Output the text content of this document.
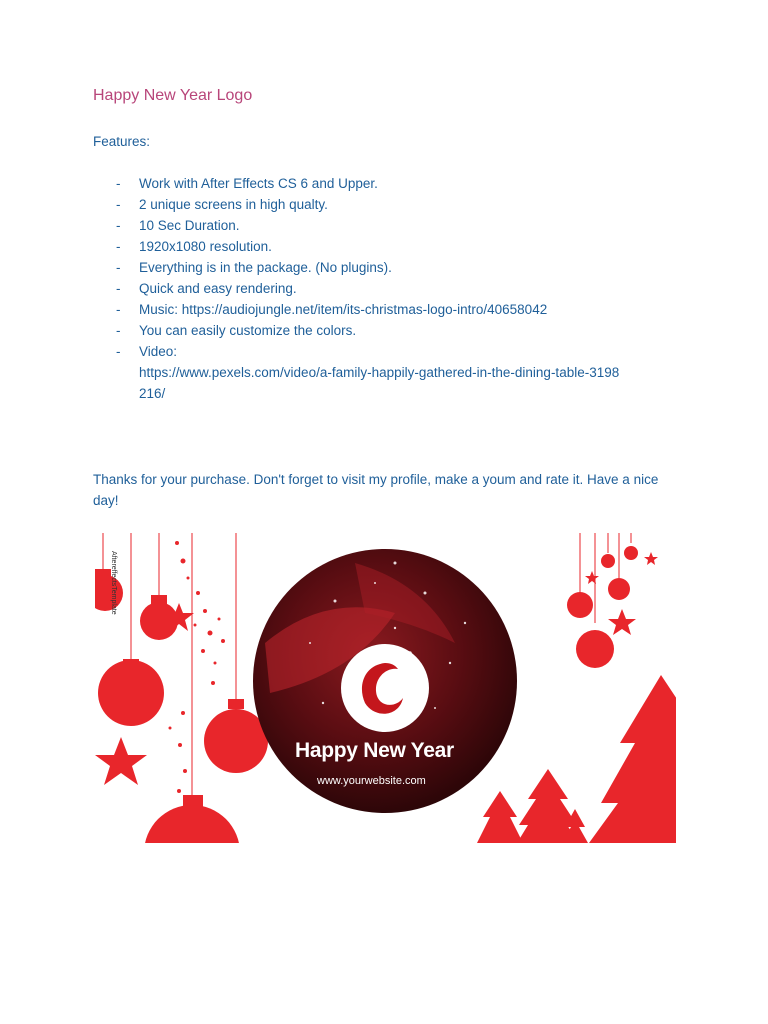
Happy New Year Logo
Features:
- Work with After Effects CS 6 and Upper.
- 2 unique screens in high qualty.
- 10 Sec Duration.
- 1920x1080 resolution.
- Everything is in the package. (No plugins).
- Quick and easy rendering.
- Music: https://audiojungle.net/item/its-christmas-logo-intro/40658042
- You can easily customize the colors.
- Video:
https://www.pexels.com/video/a-family-happily-gathered-in-the-dining-table-3198
216/
Thanks for your purchase. Don't forget to visit my profile, make a youm and rate it. Have a nice day!
AftereffectsTemplate
Happy New Year
www.yourwebsite.com
